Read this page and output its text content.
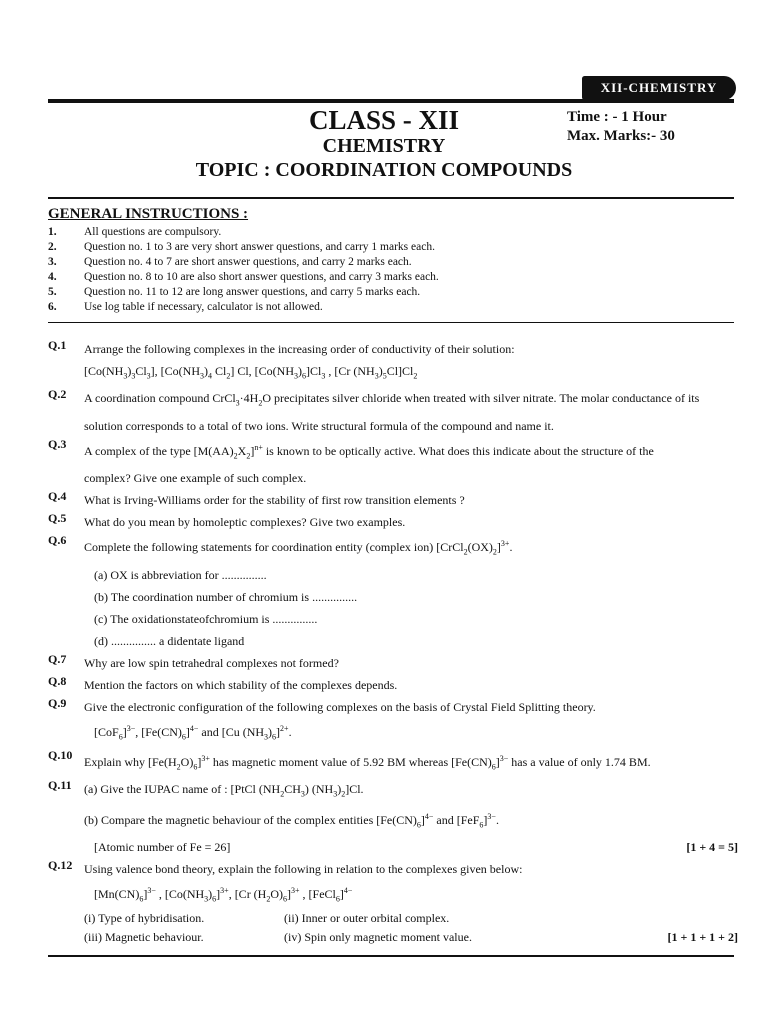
XII-CHEMISTRY
CLASS - XII
CHEMISTRY
TOPIC : COORDINATION COMPOUNDS
Time : - 1 Hour
Max. Marks:- 30
GENERAL INSTRUCTIONS :
1.	All questions are compulsory.
2.	Question no. 1 to 3 are very short answer questions, and carry 1 marks each.
3.	Question no. 4 to 7 are short answer questions, and carry 2 marks each.
4.	Question no. 8 to 10 are also short answer questions, and carry 3 marks each.
5.	Question no. 11 to 12 are long answer questions, and carry 5 marks each.
6.	Use log table if necessary, calculator is not allowed.
Q.1	Arrange the following complexes in the increasing order of conductivity of their solution:

$[Co(NH_3)_3Cl_3]$, [$Co(NH_3)_4$ $Cl_2$] Cl, $[Co(NH_3)_6]Cl_3$ , [Cr $(NH_3)_5Cl]Cl_2$

Q.2	A coordination compound $CrCl_3\cdot 4H_2O$ precipitates silver chloride when treated with silver nitrate. The molar conductance of its

solution corresponds to a total of two ions. Write structural formula of the compound and name it.

Q.3	A complex of the type $[M(AA)_2X_2]^{n+}$ is known to be optically active. What does this indicate about the structure of the

complex? Give one example of such complex.

Q.4	What is Irving-Williams order for the stability of first row transition elements ?

Q.5	What do you mean by homoleptic complexes? Give two examples.

Q.6	Complete the following statements for coordination entity (complex ion) $[CrCl_2(OX)_2]^{3+}$.

(a) OX is abbreviation for ...............

(b) The coordination number of chromium is ...............

(c) The oxidationstateofchromium is ...............

(d) ............... a didentate ligand

Q.7	Why are low spin tetrahedral complexes not formed?

Q.8	Mention the factors on which stability of the complexes depends.

Q.9	Give the electronic configuration of the following complexes on the basis of Crystal Field Splitting theory.

$[CoF_6]^{3-}$, $[Fe(CN)_6]^{4-}$ and [Cu $(NH_3)_6]^{2+}$.

Q.10 Explain why $[Fe(H_2O)_6]^{3+}$ has magnetic moment value of 5.92 BM whereas $[Fe(CN)_6]^{3-}$ has a value of only 1.74 BM.

Q.11	(a) Give the IUPAC name of : [PtCl $(NH_2CH_3)$ $(NH_3)_2]Cl$.

(b) Compare the magnetic behaviour of the complex entities $[Fe(CN)_6]^{4-}$ and $[FeF_6]^{3-}$.

[Atomic number of Fe = 26]	[1 + 4 = 5]

Q.12 Using valence bond theory, explain the following in relation to the complexes given below:

$[Mn(CN)_6]^{3-}$ , $[Co(NH_3)_6]^{3+}$, [Cr $(H_2O)_6]^{3+}$ , [FeCl$_6$]$^{4-}$

(i) Type of hybridisation.	(ii) Inner or outer orbital complex.
(iii) Magnetic behaviour.	(iv) Spin only magnetic moment value.	[1 + 1 + 1 + 2]
